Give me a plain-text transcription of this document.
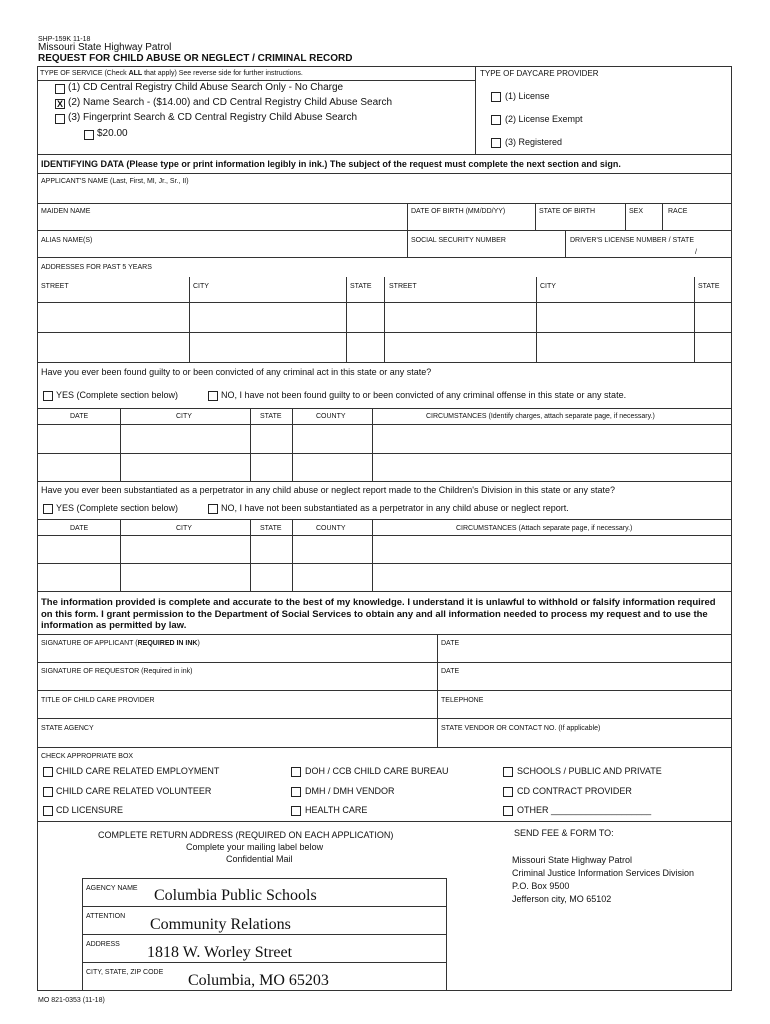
SHP-159K 11-18
Missouri State Highway Patrol
REQUEST FOR CHILD ABUSE OR NEGLECT / CRIMINAL RECORD
TYPE OF SERVICE (Check ALL that apply) See reverse side for further instructions.
(1) CD Central Registry Child Abuse Search Only - No Charge
X (2) Name Search - ($14.00) and CD Central Registry Child Abuse Search
(3) Fingerprint Search & CD Central Registry Child Abuse Search
$20.00
TYPE OF DAYCARE PROVIDER
(1) License
(2) License Exempt
(3) Registered
IDENTIFYING DATA (Please type or print information legibly in ink.) The subject of the request must complete the next section and sign.
APPLICANT'S NAME (Last, First, MI, Jr., Sr., II)
MAIDEN NAME	DATE OF BIRTH (MM/DD/YY)	STATE OF BIRTH	SEX	RACE
ALIAS NAME(S)	SOCIAL SECURITY NUMBER	DRIVER'S LICENSE NUMBER / STATE
/
ADDRESSES FOR PAST 5 YEARS
STREET	CITY	STATE STREET	CITY	STATE
Have you ever been found guilty to or been convicted of any criminal act in this state or any state?
YES (Complete section below)	NO, I have not been found guilty to or been convicted of any criminal offense in this state or any state.
DATE	CITY	STATE	COUNTY	CIRCUMSTANCES (Identify charges, attach separate page, if necessary.)
Have you ever been substantiated as a perpetrator in any child abuse or neglect report made to the Children's Division in this state or any state?
YES (Complete section below)	NO, I have not been substantiated as a perpetrator in any child abuse or neglect report.
DATE	CITY	STATE	COUNTY	CIRCUMSTANCES (Attach separate page, if necessary.)
The information provided is complete and accurate to the best of my knowledge. I understand it is unlawful to withhold or falsify information required on this form. I grant permission to the Department of Social Services to obtain any and all information needed to process my request and to use the information as permitted by law.
SIGNATURE OF APPLICANT (REQUIRED IN INK)	DATE
SIGNATURE OF REQUESTOR (Required in ink)	DATE
TITLE OF CHILD CARE PROVIDER	TELEPHONE
STATE AGENCY	STATE VENDOR OR CONTACT NO. (If applicable)
CHECK APPROPRIATE BOX
CHILD CARE RELATED EMPLOYMENT
CHILD CARE RELATED VOLUNTEER
CD LICENSURE
DOH / CCB CHILD CARE BUREAU
DMH / DMH VENDOR
HEALTH CARE
SCHOOLS / PUBLIC AND PRIVATE
CD CONTRACT PROVIDER
OTHER ____________________
COMPLETE RETURN ADDRESS (REQUIRED ON EACH APPLICATION)
Complete your mailing label below
Confidential Mail
AGENCY NAME Columbia Public Schools
ATTENTION Community Relations
ADDRESS 1818 W. Worley Street
CITY, STATE, ZIP CODE Columbia, MO 65203
SEND FEE & FORM TO:
Missouri State Highway Patrol
Criminal Justice Information Services Division
P.O. Box 9500
Jefferson city, MO 65102
MO 821-0353 (11-18)
